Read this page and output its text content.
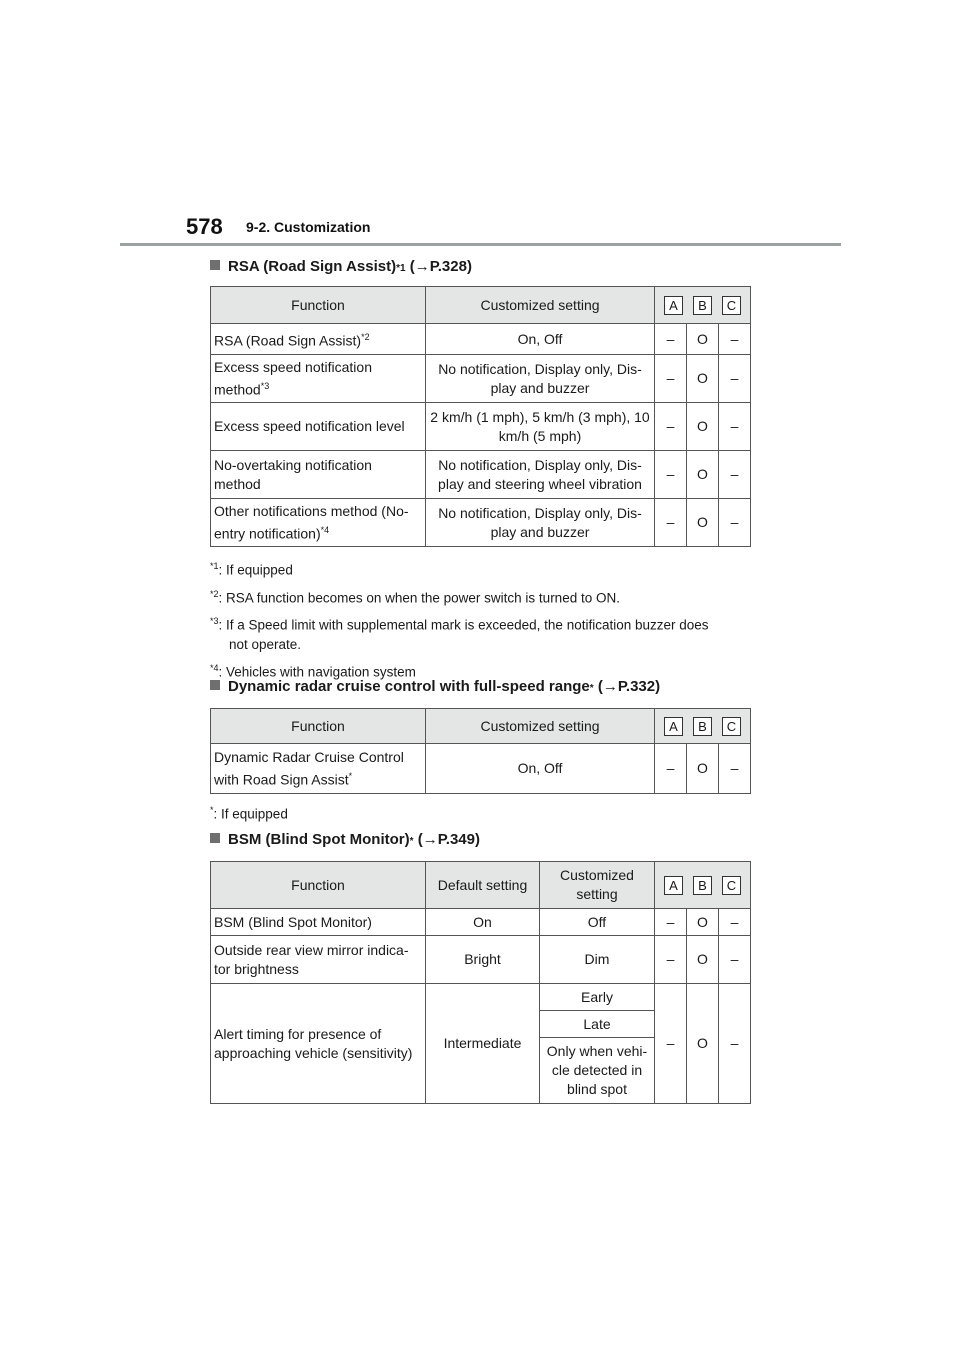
578 9-2. Customization
RSA (Road Sign Assist) *1
(→P.328)
Function	Customized setting	A B C		

RSA (Road Sign Assist)$^{*2}$	On, Off	–	O	–
Excess speed notification method$^{*3}$	No notification, Display only, Dis-play and buzzer	–	O	–
Excess speed notification level	2 km/h (1 mph), 5 km/h (3 mph), 10 km/h (5 mph)	–	O	–
No-overtaking notification method	No notification, Display only, Dis-play and steering wheel vibration	–	O	–
Other notifications method (No-entry notification)$^{*4}$	No notification, Display only, Dis-play and buzzer	–	O	–
$^{*1}$: If equipped
$^{*2}$: RSA function becomes on when the power switch is turned to ON.
$^{*3}$: If a Speed limit with supplemental mark is exceeded, the notification buzzer does
not operate.
$^{*4}$: Vehicles with navigation system
Dynamic radar cruise control with full-speed range *
(→P.332)
Function	Customized setting	A B C		

Dynamic Radar Cruise Control with Road Sign Assist*	On, Off	–	O	–
*: If equipped
BSM (Blind Spot Monitor) *
(→P.349)
Function	Default setting	Customized setting	A B C		

BSM (Blind Spot Monitor)	On	Off	–	O	–
Outside rear view mirror indica-tor brightness	Bright	Dim	–	O	–
Alert timing for presence of approaching vehicle (sensitivity)	Intermediate	Early	–	O	–
		Late			
		Only when vehi-cle detected in blind spot			
